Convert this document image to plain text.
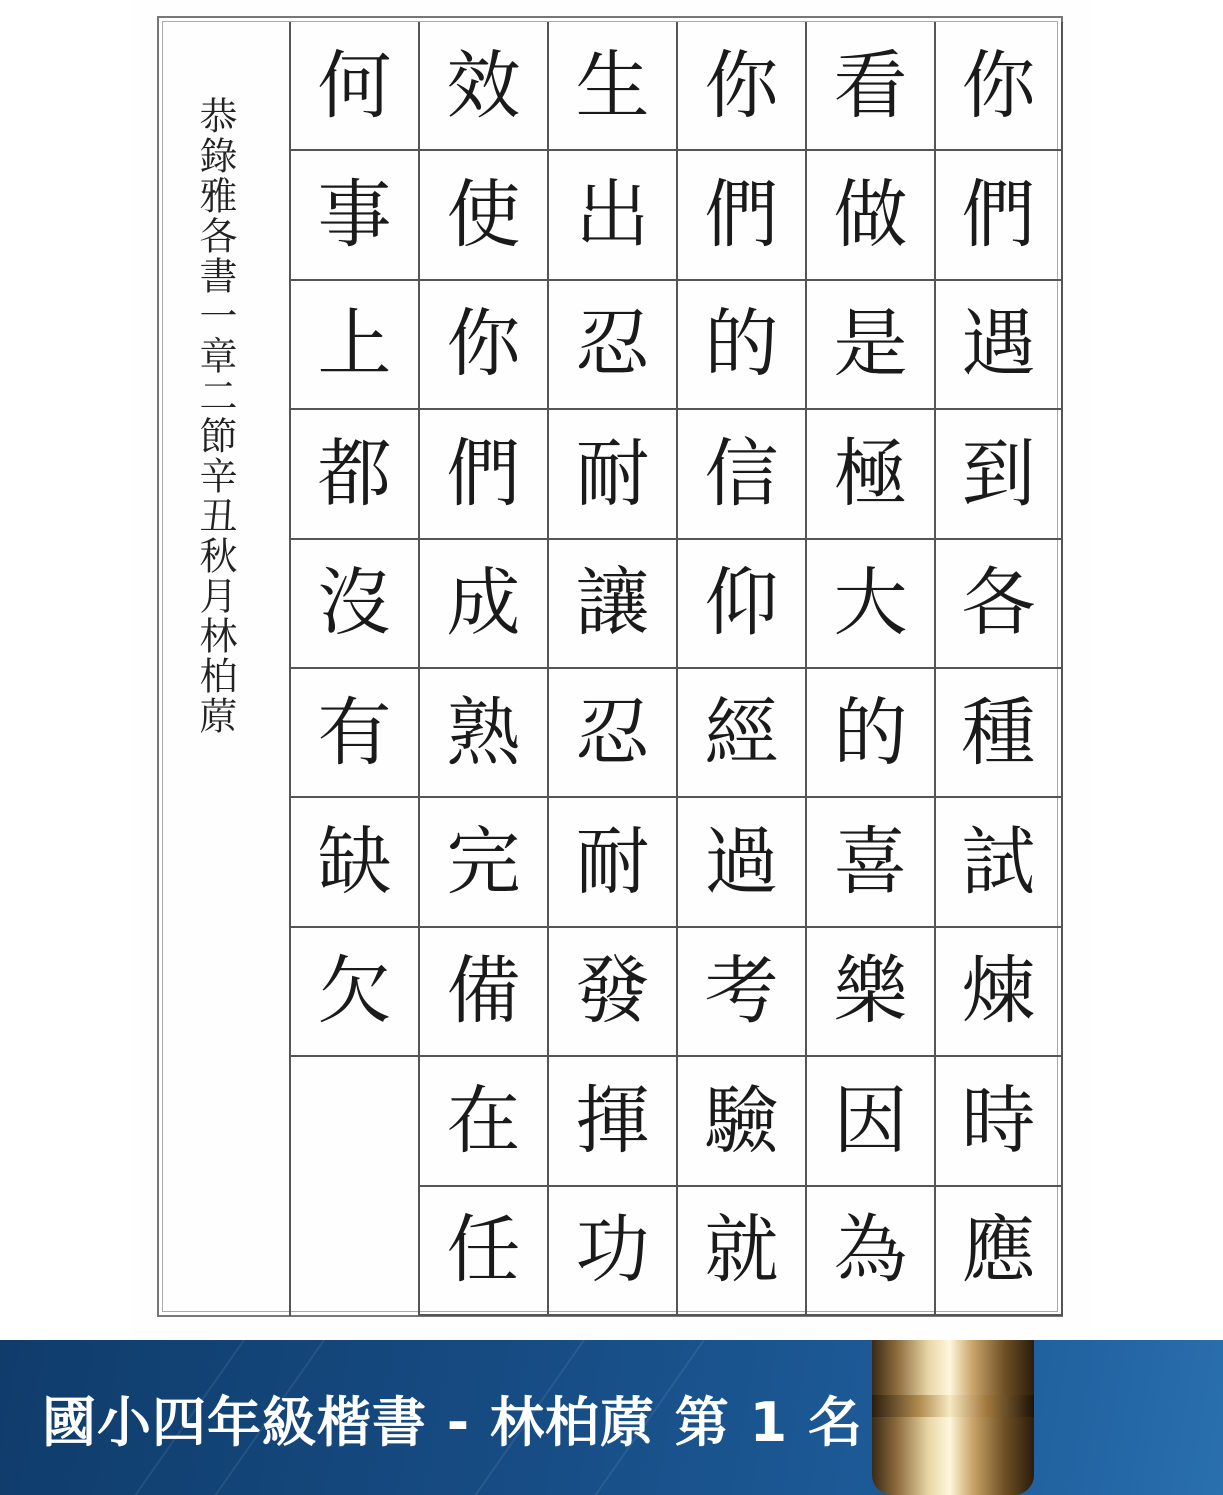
恭錄雅各書一章二節辛丑秋月林柏蒝
何
事
上
都
沒
有
缺
欠
效
使
你
們
成
熟
完
備
在
任
生
出
忍
耐
讓
忍
耐
發
揮
功
你
們
的
信
仰
經
過
考
驗
就
看
做
是
極
大
的
喜
樂
因
為
你
們
遇
到
各
種
試
煉
時
應
國小四年級楷書 - 林柏蒝 第 1 名
